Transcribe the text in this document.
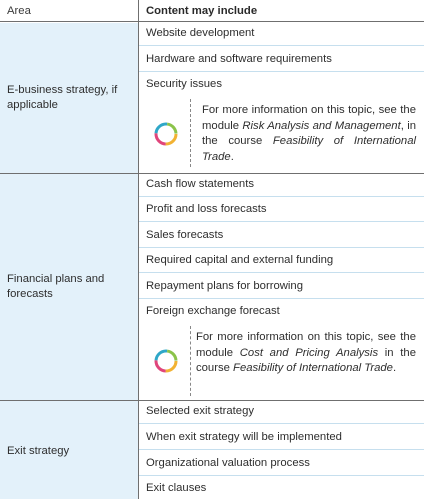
Area	Content may include
E-business strategy, if applicable
Website development
Hardware and software requirements
Security issues
For more information on this topic, see the module Risk Analysis and Management, in the course Feasibility of International Trade.
Financial plans and forecasts
Cash flow statements
Profit and loss forecasts
Sales forecasts
Required capital and external funding
Repayment plans for borrowing
Foreign exchange forecast
For more information on this topic, see the module Cost and Pricing Analysis in the course Feasibility of International Trade.
Exit strategy
Selected exit strategy
When exit strategy will be implemented
Organizational valuation process
Exit clauses
